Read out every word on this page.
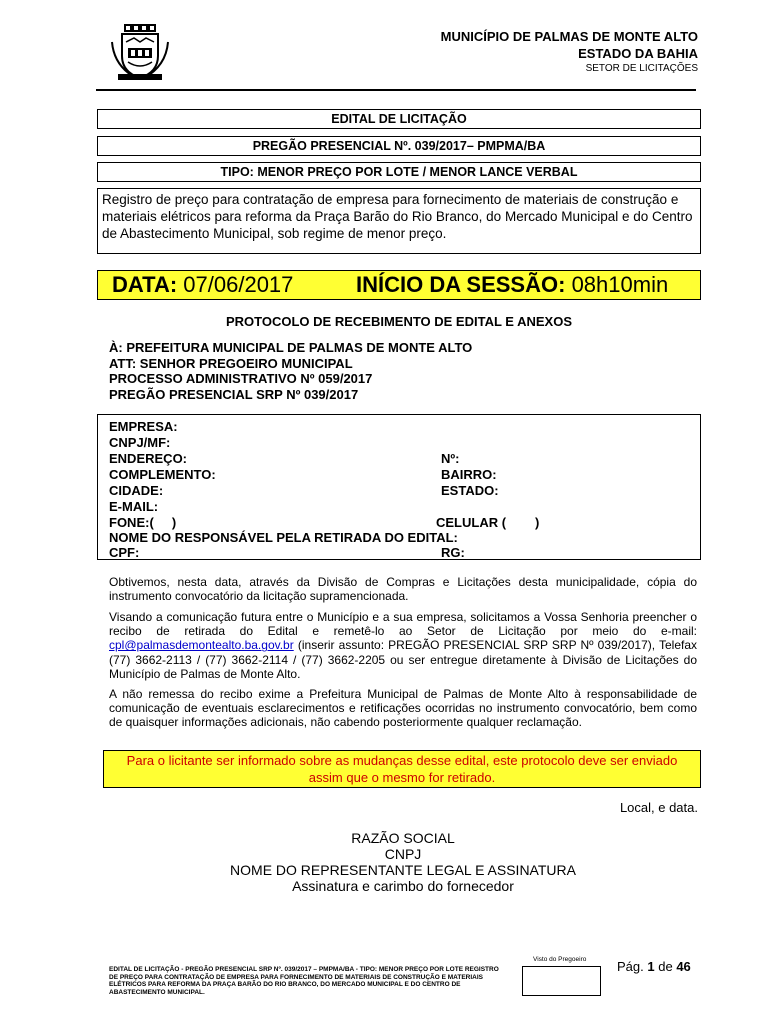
MUNICÍPIO DE PALMAS DE MONTE ALTO
ESTADO DA BAHIA
SETOR DE LICITAÇÕES
EDITAL DE LICITAÇÃO
PREGÃO PRESENCIAL Nº. 039/2017– PMPMA/BA
TIPO: MENOR PREÇO POR LOTE / MENOR LANCE VERBAL
Registro de preço para contratação de empresa para fornecimento de materiais de construção e materiais elétricos para reforma da Praça Barão do Rio Branco, do Mercado Municipal e do Centro de Abastecimento Municipal, sob regime de menor preço.
DATA: 07/06/2017	INÍCIO DA SESSÃO: 08h10min
PROTOCOLO DE RECEBIMENTO DE EDITAL E ANEXOS
À: PREFEITURA MUNICIPAL DE PALMAS DE MONTE ALTO
ATT: SENHOR PREGOEIRO MUNICIPAL
PROCESSO ADMINISTRATIVO Nº 059/2017
PREGÃO PRESENCIAL SRP Nº 039/2017
EMPRESA:
CNPJ/MF:
ENDEREÇO:	Nº:
COMPLEMENTO:	BAIRRO:
CIDADE:	ESTADO:
E-MAIL:
FONE:(     )	CELULAR (        )
NOME DO RESPONSÁVEL PELA RETIRADA DO EDITAL:
CPF:	RG:
Obtivemos, nesta data, através da Divisão de Compras e Licitações desta municipalidade, cópia do instrumento convocatório da licitação supramencionada.
Visando a comunicação futura entre o Município e a sua empresa, solicitamos a Vossa Senhoria preencher o recibo de retirada do Edital e remetê-lo ao Setor de Licitação por meio do e-mail: cpl@palmasdemontealto.ba.gov.br (inserir assunto: PREGÃO PRESENCIAL SRP SRP Nº 039/2017), Telefax (77) 3662-2113 / (77) 3662-2114 / (77) 3662-2205 ou ser entregue diretamente à Divisão de Licitações do Município de Palmas de Monte Alto.
A não remessa do recibo exime a Prefeitura Municipal de Palmas de Monte Alto à responsabilidade de comunicação de eventuais esclarecimentos e retificações ocorridas no instrumento convocatório, bem como de quaisquer informações adicionais, não cabendo posteriormente qualquer reclamação.
Para o licitante ser informado sobre as mudanças desse edital, este protocolo deve ser enviado assim que o mesmo for retirado.
Local, e data.
RAZÃO SOCIAL
CNPJ
NOME DO REPRESENTANTE LEGAL E ASSINATURA
Assinatura e carimbo do fornecedor
EDITAL DE LICITAÇÃO - PREGÃO PRESENCIAL SRP Nº. 039/2017 – PMPMA/BA - TIPO: MENOR PREÇO POR LOTE REGISTRO DE PREÇO PARA CONTRATAÇÃO DE EMPRESA PARA FORNECIMENTO DE MATERIAIS DE CONSTRUÇÃO E MATERIAIS ELÉTRICOS PARA REFORMA DA PRAÇA BARÃO DO RIO BRANCO, DO MERCADO MUNICIPAL E DO CENTRO DE ABASTECIMENTO MUNICIPAL.
Visto do Pregoeiro Pág. 1 de 46
